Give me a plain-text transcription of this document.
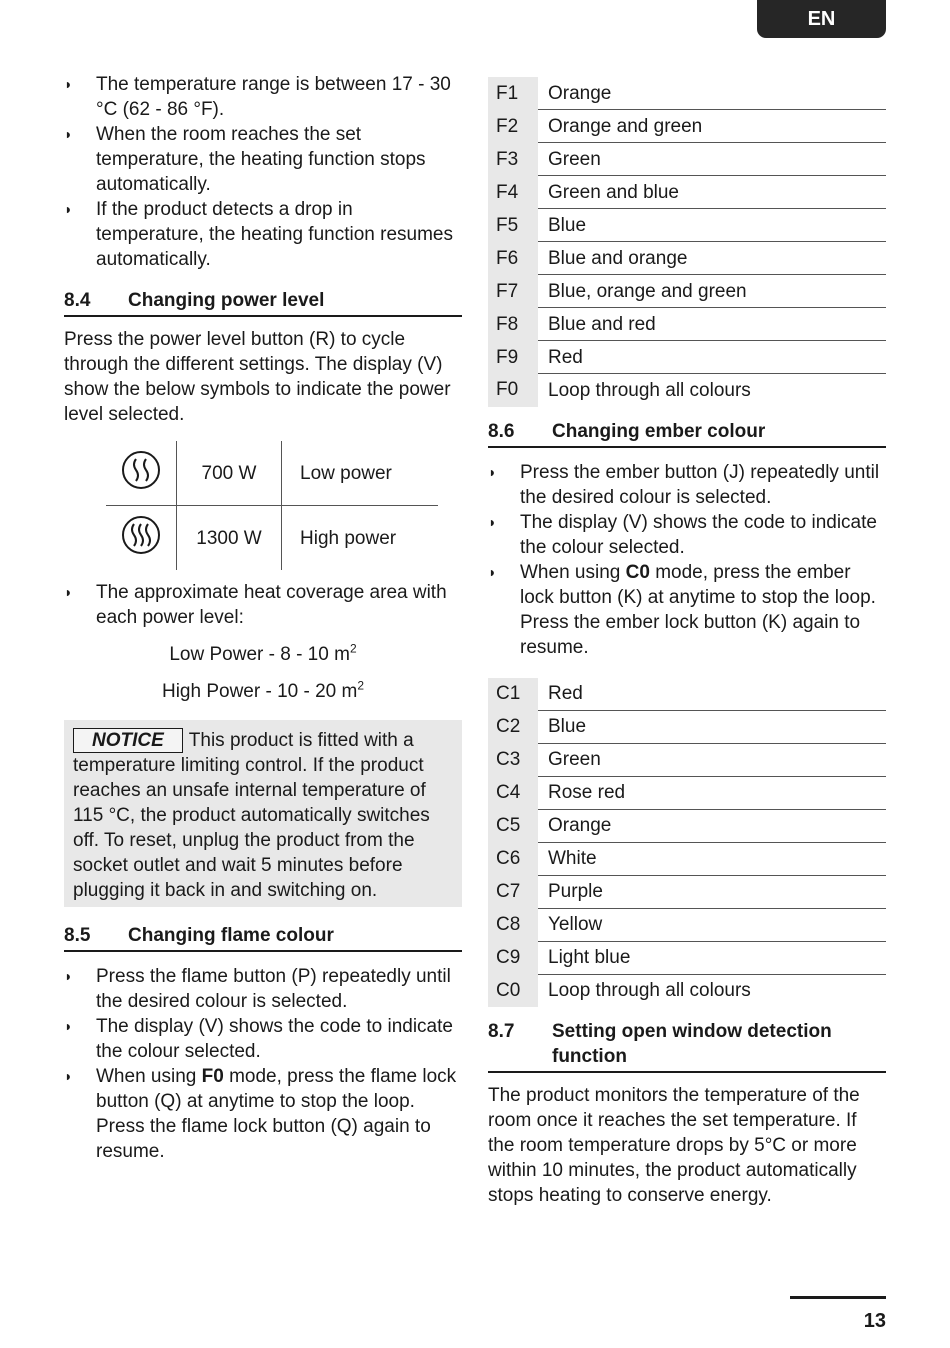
EN
◗ The temperature range is between 17 - 30 °C (62 - 86 °F).
◗ When the room reaches the set temperature, the heating function stops automatically.
◗ If the product detects a drop in temperature, the heating function resumes automatically.
8.4	Changing power level

Press the power level button (R) to cycle through the different settings. The display (V) show the below symbols to indicate the power level selected.

	700 W	Low power
	1300 W	High power
◗ The approximate heat coverage area with each power level:
Low Power - 8 - 10 $m^2$
High Power - 10 - 20 $m^2$
NOTICE This product is fitted with a temperature limiting control. If the product reaches an unsafe internal temperature of 115 °C, the product automatically switches off. To reset, unplug the product from the socket outlet and wait 5 minutes before plugging it back in and switching on.
8.5	Changing flame colour
◗ Press the flame button (P) repeatedly until the desired colour is selected.
◗ The display (V) shows the code to indicate the colour selected.
◗ When using F0 mode, press the flame lock button (Q) at anytime to stop the loop. Press the flame lock button (Q) again to resume.
F1	Orange
F2	Orange and green
F3	Green
F4	Green and blue
F5	Blue
F6	Blue and orange
F7	Blue, orange and green
F8	Blue and red
F9	Red
F0	Loop through all colours
8.6	Changing ember colour
◗ Press the ember button (J) repeatedly until the desired colour is selected.
◗ The display (V) shows the code to indicate the colour selected.
◗ When using C0 mode, press the ember lock button (K) at anytime to stop the loop. Press the ember lock button (K) again to resume.
C1	Red
C2	Blue
C3	Green
C4	Rose red
C5	Orange
C6	White
C7	Purple
C8	Yellow
C9	Light blue
C0	Loop through all colours
8.7	Setting open window detection function

The product monitors the temperature of the room once it reaches the set temperature. If the room temperature drops by 5°C or more within 10 minutes, the product automatically stops heating to conserve energy.

13
